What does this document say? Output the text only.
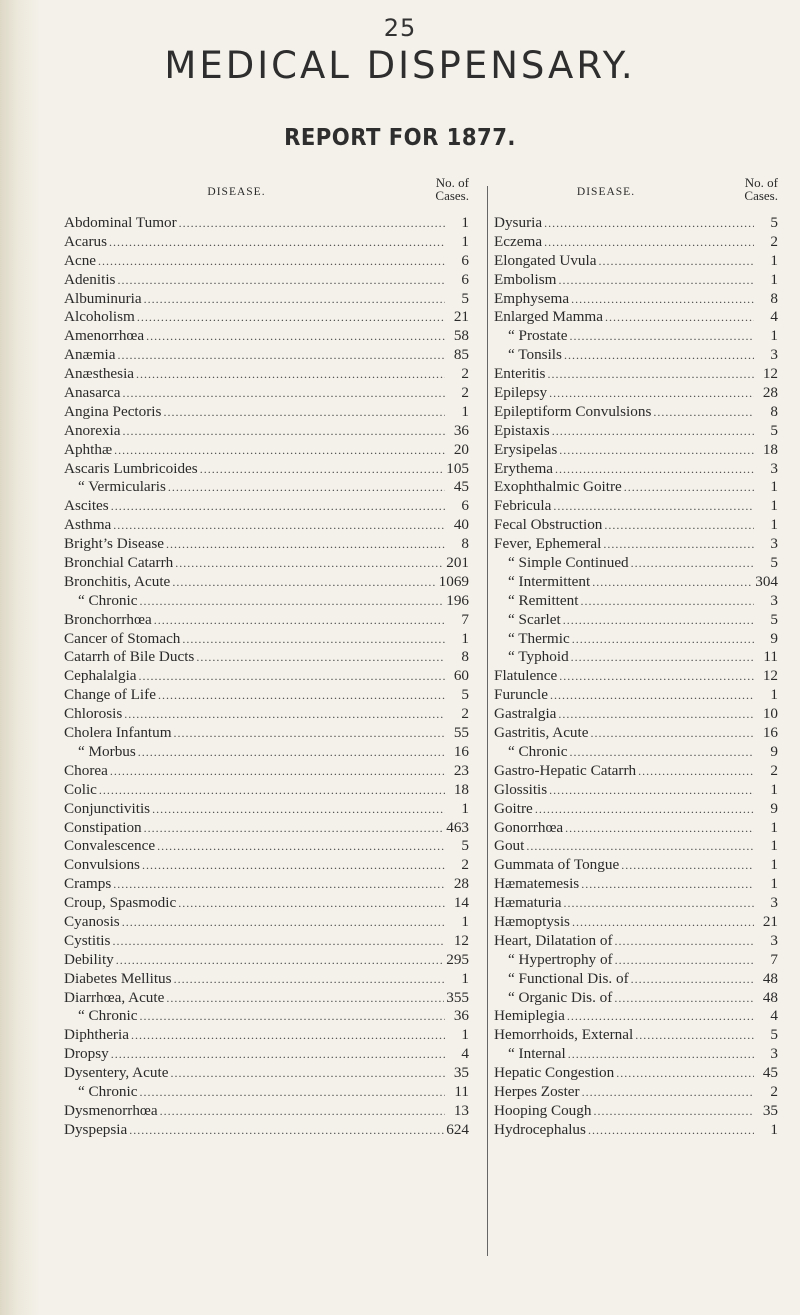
25
MEDICAL DISPENSARY.
REPORT FOR 1877.
DISEASE.
No. of
Cases.
Abdominal Tumor .....	1
Acarus .....	1
Acne .....	6
Adenitis .....	6
Albuminuria .....	5
Alcoholism .....	21
Amenorrhœa .....	58
Anæmia .....	85
Anæsthesia .....	2
Anasarca .....	2
Angina Pectoris .....	1
Anorexia .....	36
Aphthæ .....	20
Ascaris Lumbricoides .....	105
“ Vermicularis .....	45
Ascites .....	6
Asthma .....	40
Bright’s Disease .....	8
Bronchial Catarrh .....	201
Bronchitis, Acute .....	1069
“ Chronic .....	196
Bronchorrhœa .....	7
Cancer of Stomach .....	1
Catarrh of Bile Ducts .....	8
Cephalalgia .....	60
Change of Life .....	5
Chlorosis .....	2
Cholera Infantum .....	55
“ Morbus .....	16
Chorea .....	23
Colic .....	18
Conjunctivitis .....	1
Constipation .....	463
Convalescence .....	5
Convulsions .....	2
Cramps .....	28
Croup, Spasmodic .....	14
Cyanosis .....	1
Cystitis .....	12
Debility .....	295
Diabetes Mellitus .....	1
Diarrhœa, Acute .....	355
“ Chronic .....	36
Diphtheria .....	1
Dropsy .....	4
Dysentery, Acute .....	35
“ Chronic .....	11
Dysmenorrhœa .....	13
Dyspepsia .....	624
DISEASE.
No. of
Cases.
Dysuria .....	5
Eczema .....	2
Elongated Uvula .....	1
Embolism .....	1
Emphysema .....	8
Enlarged Mamma .....	4
“ Prostate .....	1
“ Tonsils .....	3
Enteritis .....	12
Epilepsy .....	28
Epileptiform Convulsions .....	8
Epistaxis .....	5
Erysipelas .....	18
Erythema .....	3
Exophthalmic Goitre .....	1
Febricula .....	1
Fecal Obstruction .....	1
Fever, Ephemeral .....	3
“ Simple Continued .....	5
“ Intermittent .....	304
“ Remittent .....	3
“ Scarlet .....	5
“ Thermic .....	9
“ Typhoid .....	11
Flatulence .....	12
Furuncle .....	1
Gastralgia .....	10
Gastritis, Acute .....	16
“ Chronic .....	9
Gastro-Hepatic Catarrh .....	2
Glossitis .....	1
Goitre .....	9
Gonorrhœa .....	1
Gout .....	1
Gummata of Tongue .....	1
Hæmatemesis .....	1
Hæmaturia .....	3
Hæmoptysis .....	21
Heart, Dilatation of .....	3
“ Hypertrophy of .....	7
“ Functional Dis. of .....	48
“ Organic Dis. of .....	48
Hemiplegia .....	4
Hemorrhoids, External .....	5
“ Internal .....	3
Hepatic Congestion .....	45
Herpes Zoster .....	2
Hooping Cough .....	35
Hydrocephalus .....	1
